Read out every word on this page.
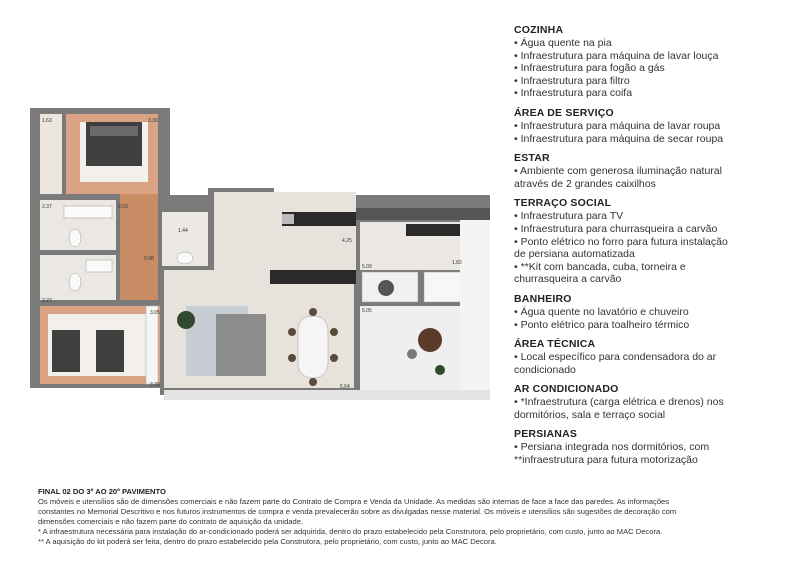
1.63	3.30
2.37	3.03
1.44
0.98
4.25
5.09
1.82
2.27
3.05
3.39	5.64
5.05
COZINHA
• Água quente na pia
• Infraestrutura para máquina de lavar louça
• Infraestrutura para fogão a gás
• Infraestrutura para filtro
• Infraestrutura para coifa
ÁREA DE SERVIÇO
• Infraestrutura para máquina de lavar roupa
• Infraestrutura para máquina de secar roupa
ESTAR
• Ambiente com generosa iluminação natural
através de 2 grandes caixilhos
TERRAÇO SOCIAL
• Infraestrutura para TV
• Infraestrutura para churrasqueira a carvão
• Ponto elétrico no forro para futura instalação
de persiana automatizada
• **Kit com bancada, cuba, torneira e
churrasqueira a carvão
BANHEIRO
• Água quente no lavatório e chuveiro
• Ponto elétrico para toalheiro térmico
ÁREA TÉCNICA
• Local específico para condensadora do ar
condicionado
AR CONDICIONADO
• *Infraestrutura (carga elétrica e drenos) nos
dormitórios, sala e terraço social
PERSIANAS
• Persiana integrada nos dormitórios, com
**infraestrutura para futura motorização
FINAL 02 DO 3º AO 20º PAVIMENTO
Os móveis e utensílios são de dimensões comerciais e não fazem parte do Contrato de Compra e Venda da Unidade. As medidas são internas de face a face das paredes. As informações
constantes no Memorial Descritivo e nos futuros instrumentos de compra e venda prevalecerão sobre as divulgadas nesse material. Os móveis e utensílios são sugestões de decoração com
dimensões comerciais e não fazem parte do contrato de aquisição da unidade.
* A infraestrutura necessária para instalação do ar-condicionado poderá ser adquirida, dentro do prazo estabelecido pela Construtora, pelo proprietário, com custo, junto ao MAC Decora.
** A aquisição do kit poderá ser feita, dentro do prazo estabelecido pela Construtora, pelo proprietário, com custo, junto ao MAC Decora.
